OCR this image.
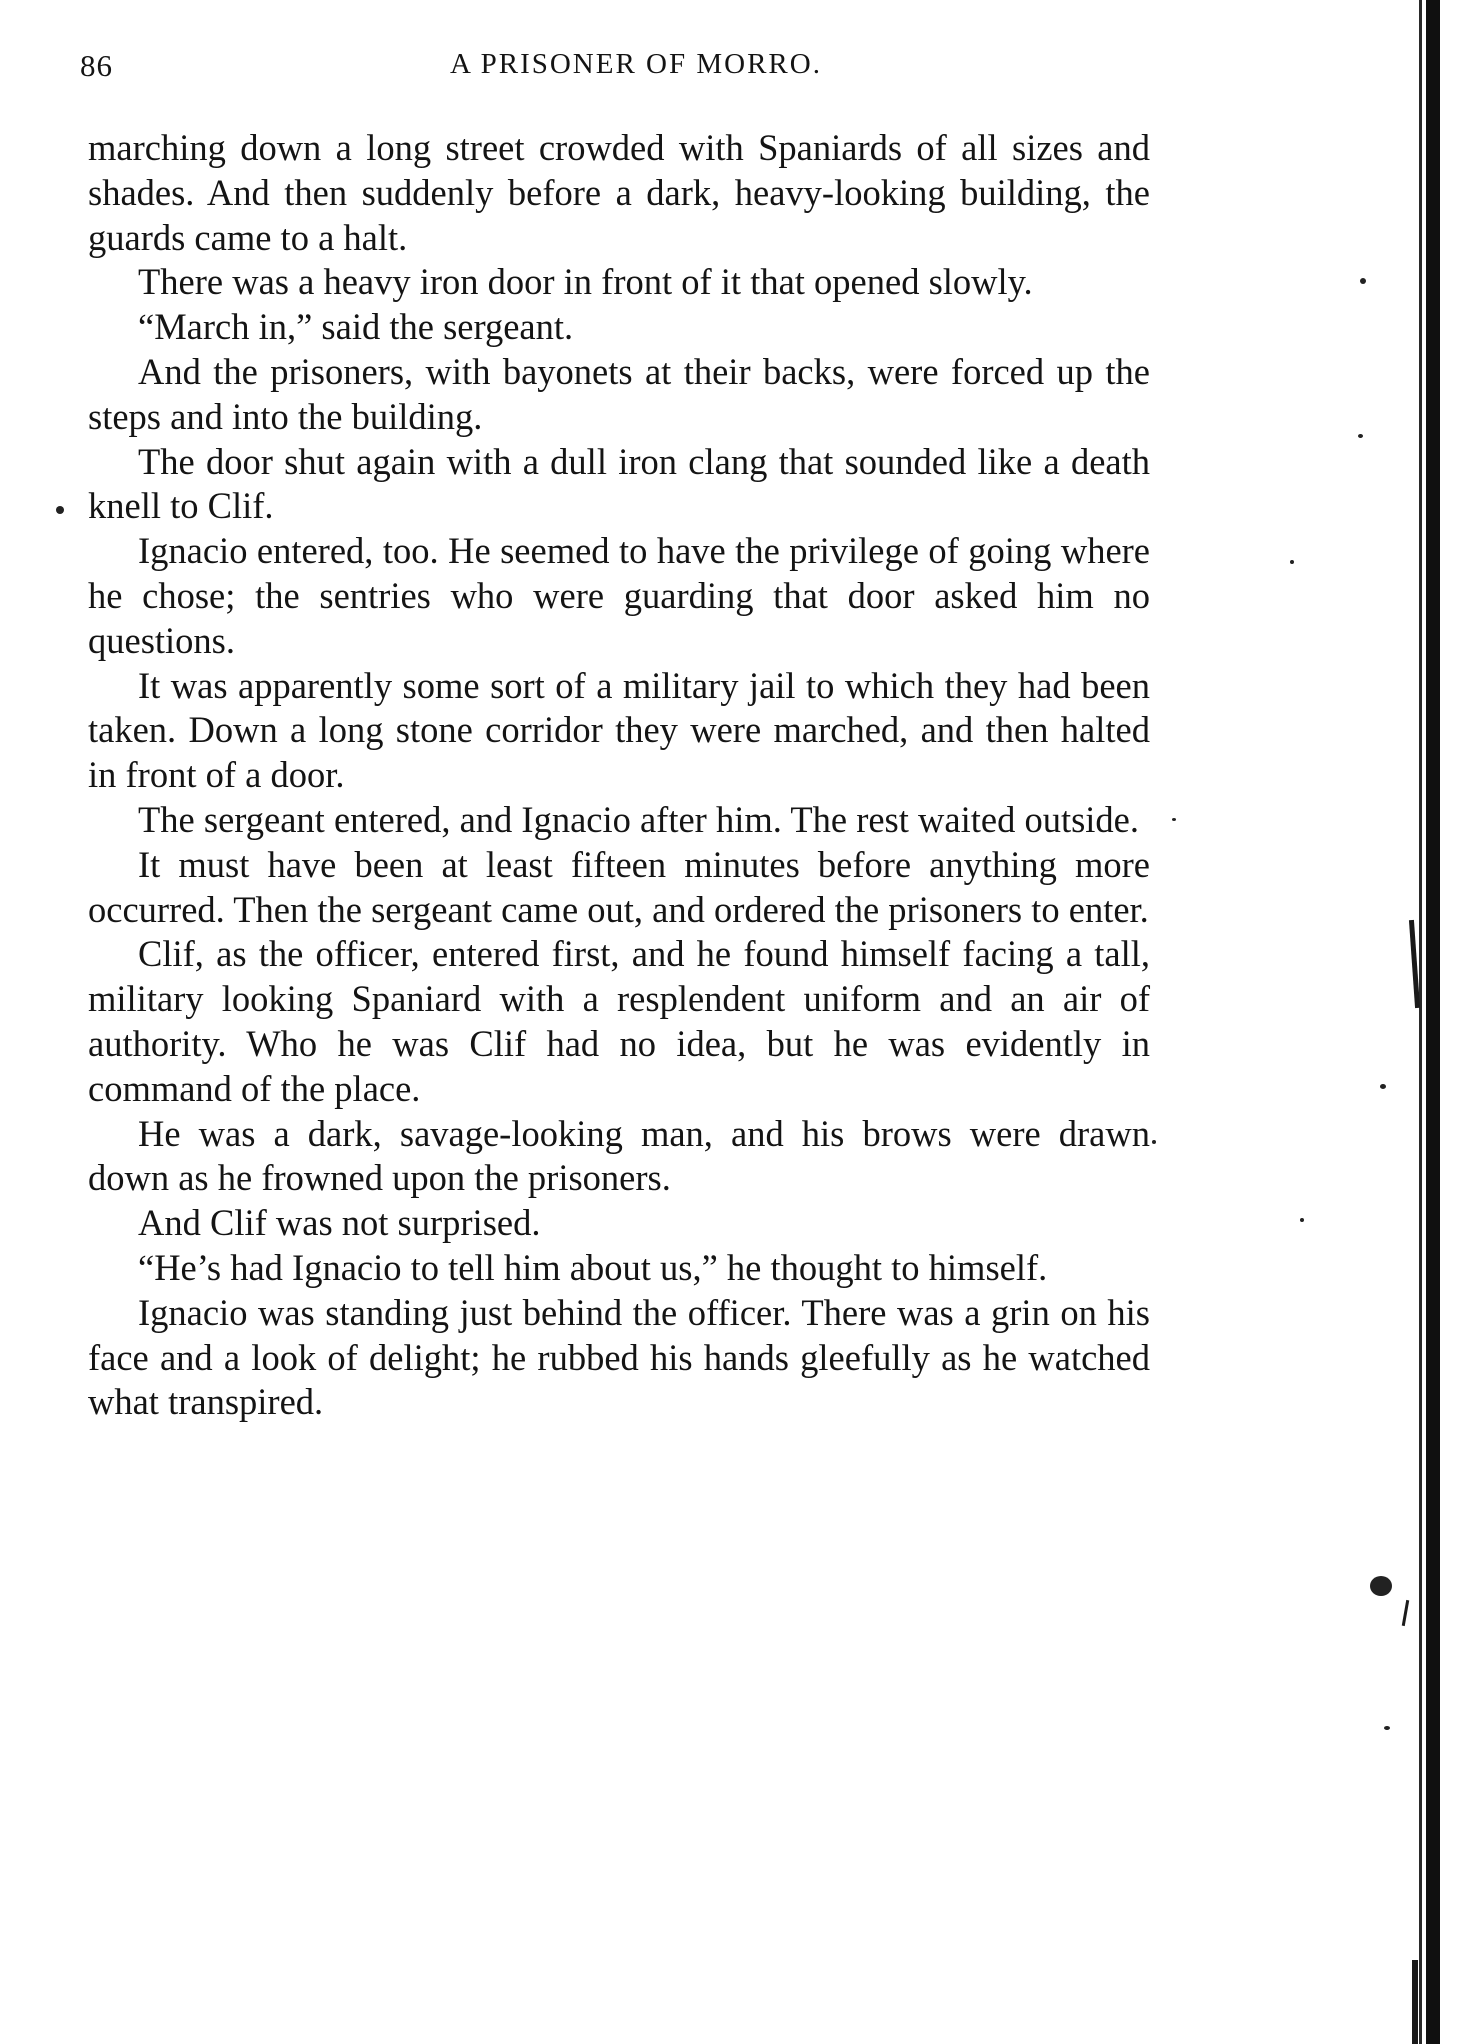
86	A PRISONER OF MORRO.

marching down a long street crowded with Spaniards of all sizes and shades. And then suddenly before a dark, heavy-looking building, the guards came to a halt.

There was a heavy iron door in front of it that opened slowly.

“March in,” said the sergeant.

And the prisoners, with bayonets at their backs, were forced up the steps and into the building.

The door shut again with a dull iron clang that sounded like a death knell to Clif.

Ignacio entered, too. He seemed to have the privilege of going where he chose; the sentries who were guarding that door asked him no questions.

It was apparently some sort of a military jail to which they had been taken. Down a long stone corridor they were marched, and then halted in front of a door.

The sergeant entered, and Ignacio after him. The rest waited outside.

It must have been at least fifteen minutes before anything more occurred. Then the sergeant came out, and ordered the prisoners to enter.

Clif, as the officer, entered first, and he found himself facing a tall, military looking Spaniard with a resplendent uniform and an air of authority. Who he was Clif had no idea, but he was evidently in command of the place.

He was a dark, savage-looking man, and his brows were drawn down as he frowned upon the prisoners.

And Clif was not surprised.

“He’s had Ignacio to tell him about us,” he thought to himself.

Ignacio was standing just behind the officer. There was a grin on his face and a look of delight; he rubbed his hands gleefully as he watched what transpired.
